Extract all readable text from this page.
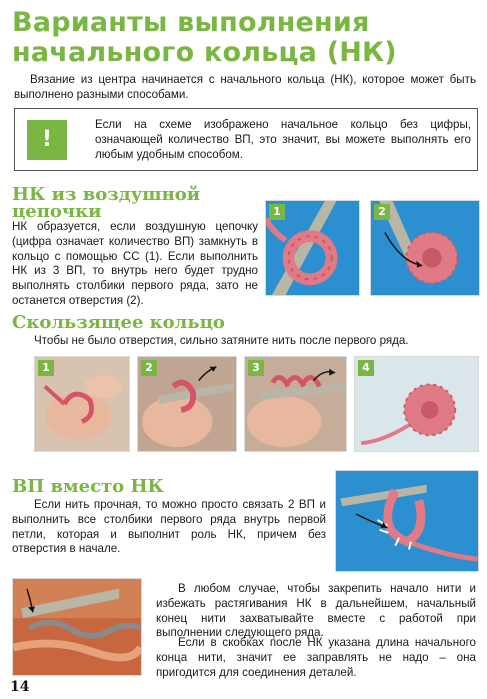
Варианты выполнения
начального кольца (НК)
Вязание из центра начинается с начального кольца (НК), которое может быть выполнено разными способами.
!
Если на схеме изображено начальное кольцо без цифры, означающей количество ВП, это значит, вы можете выполнять его любым удобным способом.
НК из воздушной
цепочки
НК образуется, если воздушную цепочку (цифра означает количество ВП) замкнуть в кольцо с помощью СС (1). Если выполнить НК из 3 ВП, то внутрь него будет трудно выполнять столбики первого ряда, зато не останется отверстия (2).
1	2
Скользящее кольцо
Чтобы не было отверстия, сильно затяните нить после первого ряда.
1	2	3	4
ВП вместо НК
Если нить прочная, то можно просто связать 2 ВП и выполнить все столбики первого ряда внутрь первой петли, которая и выполнит роль НК, причем без отверстия в начале.
В любом случае, чтобы закрепить начало нити и избежать растягивания НК в дальнейшем, начальный конец нити захватывайте вместе с работой при выполнении следующего ряда.
Если в скобках после НК указана длина начального конца нити, значит ее заправлять не надо – она пригодится для соединения деталей.
14
